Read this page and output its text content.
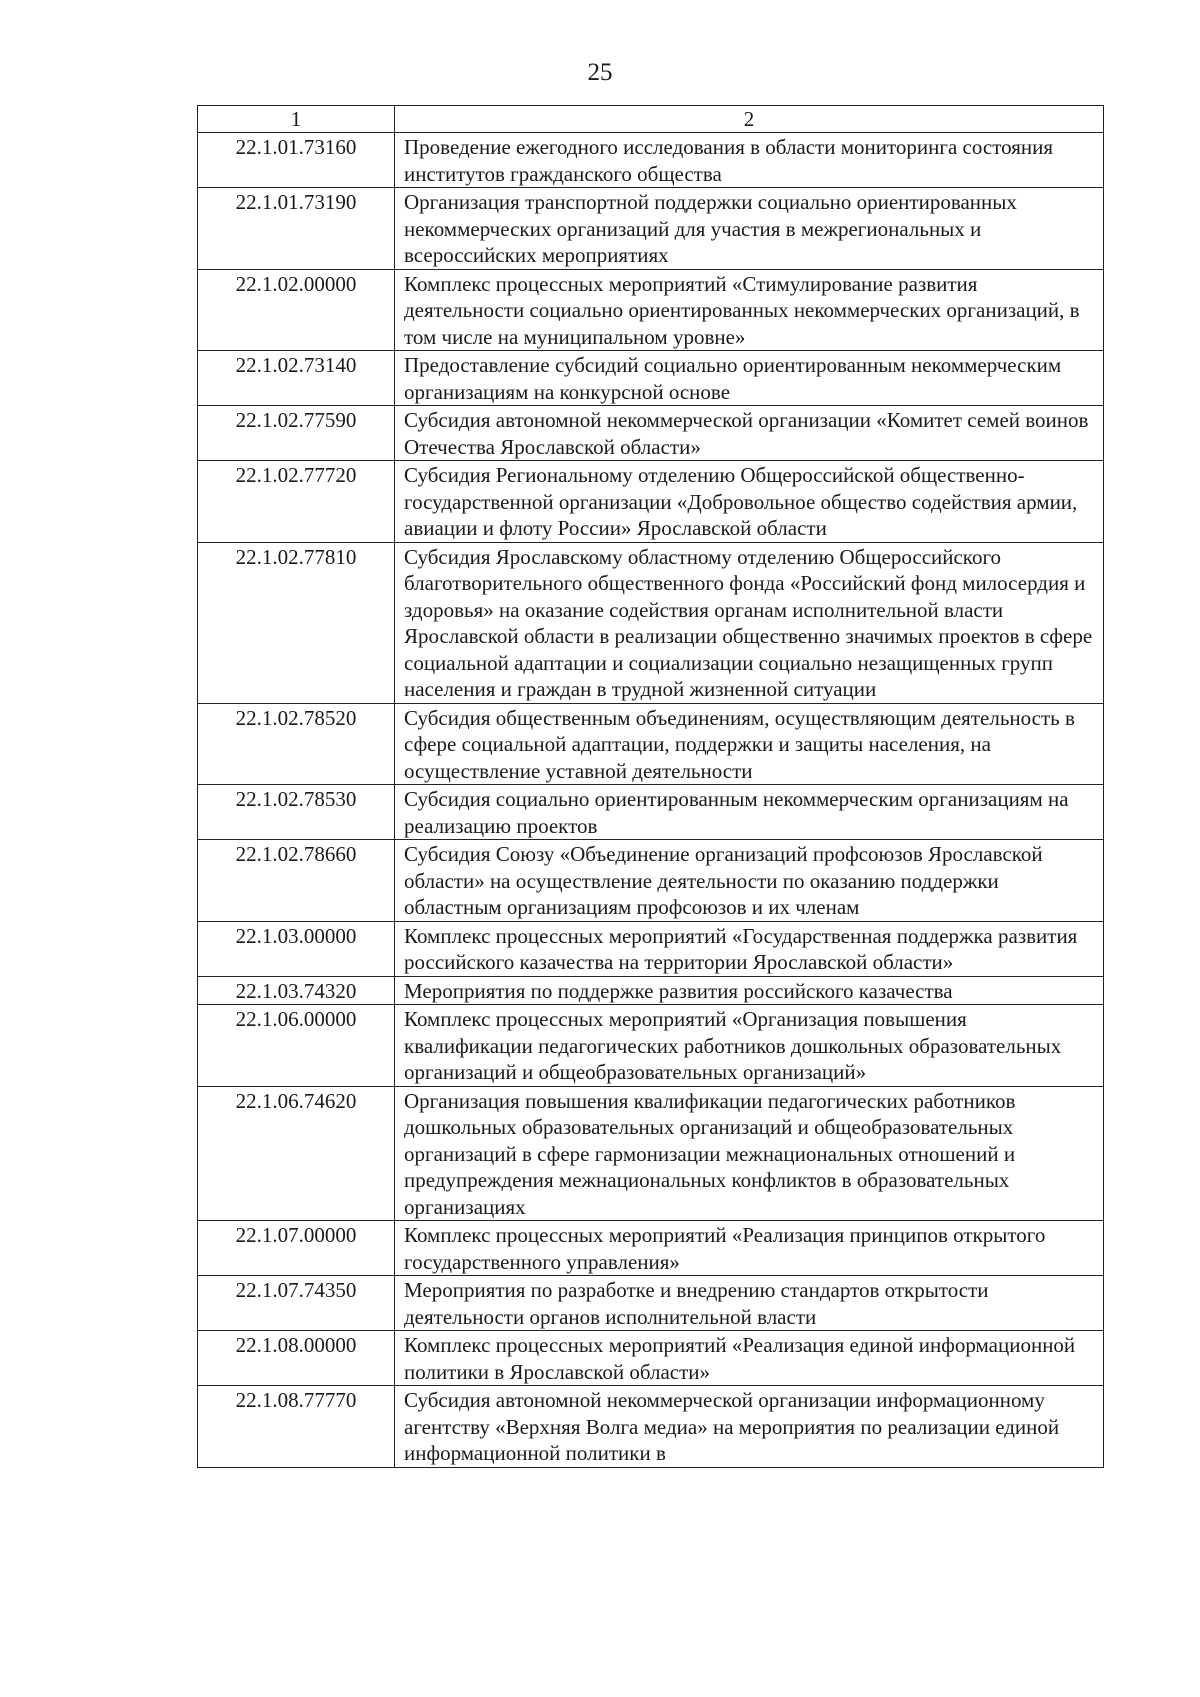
25
1	2
22.1.01.73160	Проведение ежегодного исследования в области мониторинга состояния институтов гражданского общества
22.1.01.73190	Организация транспортной поддержки социально ориентированных некоммерческих организаций для участия в межрегиональных и всероссийских мероприятиях
22.1.02.00000	Комплекс процессных мероприятий «Стимулирование развития деятельности социально ориентированных некоммерческих организаций, в том числе на муниципальном уровне»
22.1.02.73140	Предоставление субсидий социально ориентированным некоммерческим организациям на конкурсной основе
22.1.02.77590	Субсидия автономной некоммерческой организации «Комитет семей воинов Отечества Ярославской области»
22.1.02.77720	Субсидия Региональному отделению Общероссийской общественно-государственной организации «Добровольное общество содействия армии, авиации и флоту России» Ярославской области
22.1.02.77810	Субсидия Ярославскому областному отделению Общероссийского благотворительного общественного фонда «Российский фонд милосердия и здоровья» на оказание содействия органам исполнительной власти Ярославской области в реализации общественно значимых проектов в сфере социальной адаптации и социализации социально незащищенных групп населения и граждан в трудной жизненной ситуации
22.1.02.78520	Субсидия общественным объединениям, осуществляющим деятельность в сфере социальной адаптации, поддержки и защиты населения, на осуществление уставной деятельности
22.1.02.78530	Субсидия социально ориентированным некоммерческим организациям на реализацию проектов
22.1.02.78660	Субсидия Союзу «Объединение организаций профсоюзов Ярославской области» на осуществление деятельности по оказанию поддержки областным организациям профсоюзов и их членам
22.1.03.00000	Комплекс процессных мероприятий «Государственная поддержка развития российского казачества на территории Ярославской области»
22.1.03.74320	Мероприятия по поддержке развития российского казачества
22.1.06.00000	Комплекс процессных мероприятий «Организация повышения квалификации педагогических работников дошкольных образовательных организаций и общеобразовательных организаций»
22.1.06.74620	Организация повышения квалификации педагогических работников дошкольных образовательных организаций и общеобразовательных организаций в сфере гармонизации межнациональных отношений и предупреждения межнациональных конфликтов в образовательных организациях
22.1.07.00000	Комплекс процессных мероприятий «Реализация принципов открытого государственного управления»
22.1.07.74350	Мероприятия по разработке и внедрению стандартов открытости деятельности органов исполнительной власти
22.1.08.00000	Комплекс процессных мероприятий «Реализация единой информационной политики в Ярославской области»
22.1.08.77770	Субсидия автономной некоммерческой организации информационному агентству «Верхняя Волга медиа» на мероприятия по реализации единой информационной политики в
